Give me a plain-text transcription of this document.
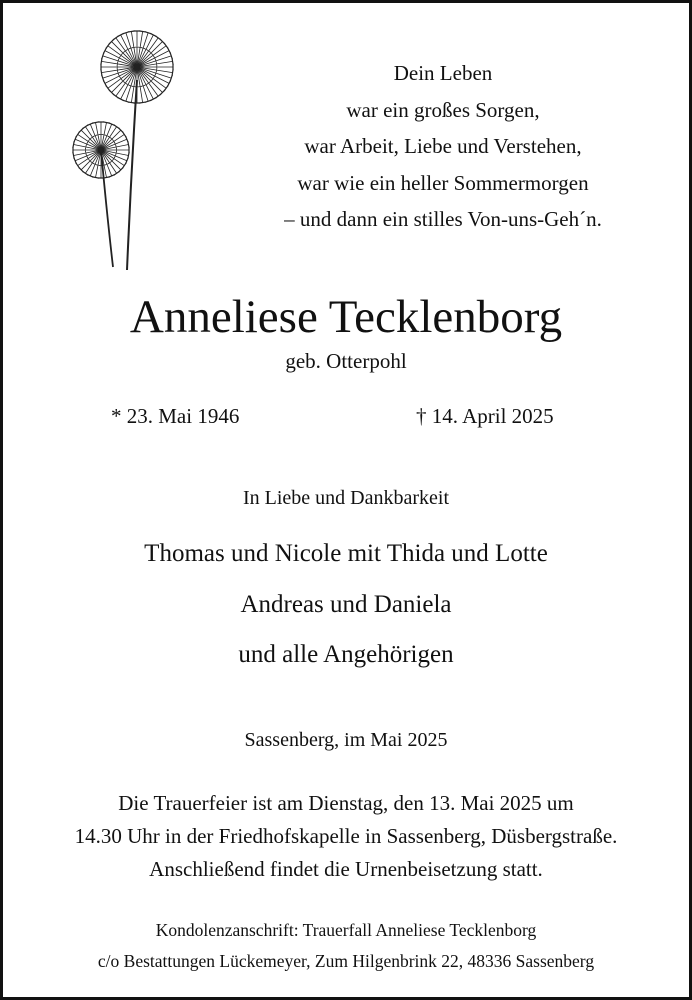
Dein Leben
war ein großes Sorgen,
war Arbeit, Liebe und Verstehen,
war wie ein heller Sommermorgen
– und dann ein stilles Von-uns-Geh´n.
Anneliese Tecklenborg
geb. Otterpohl
* 23. Mai 1946	† 14. April 2025
In Liebe und Dankbarkeit
Thomas und Nicole mit Thida und Lotte
Andreas und Daniela
und alle Angehörigen
Sassenberg, im Mai 2025
Die Trauerfeier ist am Dienstag, den 13. Mai 2025 um
14.30 Uhr in der Friedhofskapelle in Sassenberg, Düsbergstraße.
Anschließend findet die Urnenbeisetzung statt.
Kondolenzanschrift: Trauerfall Anneliese Tecklenborg
c/o Bestattungen Lückemeyer, Zum Hilgenbrink 22, 48336 Sassenberg
